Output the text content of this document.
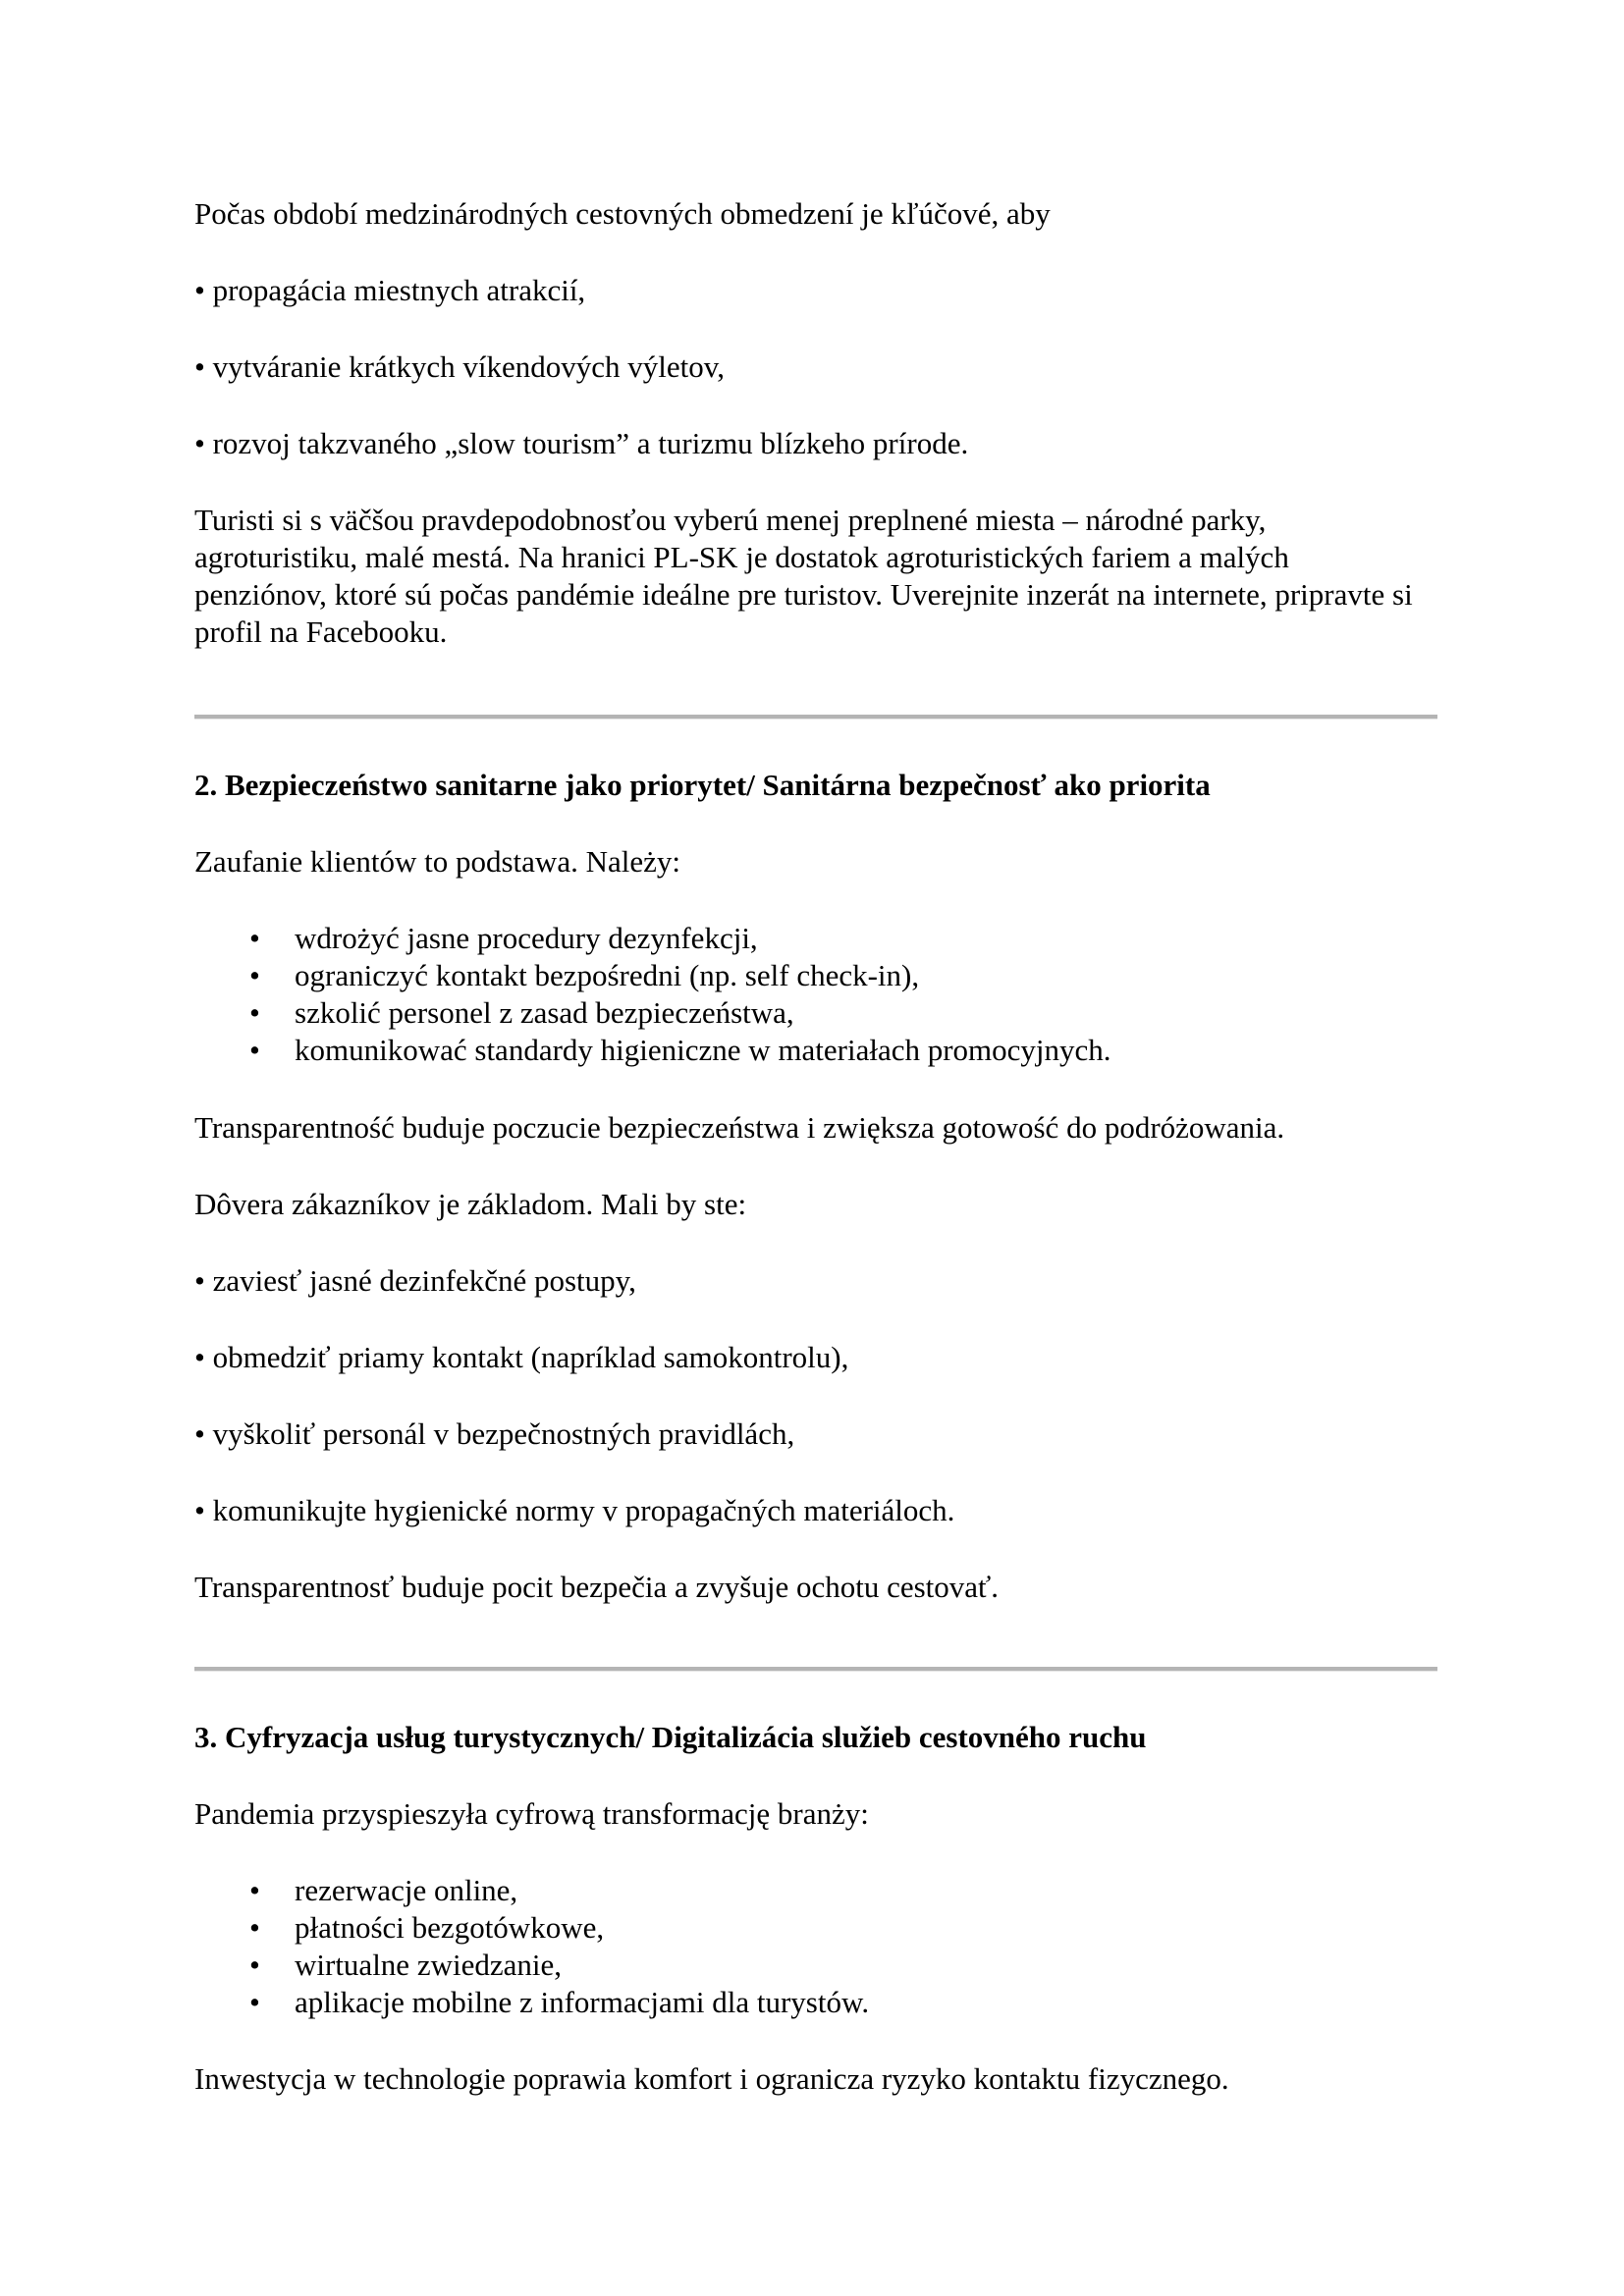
Počas období medzinárodných cestovných obmedzení je kľúčové, aby

• propagácia miestnych atrakcií,

• vytváranie krátkych víkendových výletov,

• rozvoj takzvaného „slow tourism” a turizmu blízkeho prírode.

Turisti si s väčšou pravdepodobnosťou vyberú menej preplnené miesta – národné parky, agroturistiku, malé mestá. Na hranici PL-SK je dostatok agroturistických fariem a malých penziónov, ktoré sú počas pandémie ideálne pre turistov. Uverejnite inzerát na internete, pripravte si profil na Facebooku.

2. Bezpieczeństwo sanitarne jako priorytet/ Sanitárna bezpečnosť ako priorita

Zaufanie klientów to podstawa. Należy:

• wdrożyć jasne procedury dezynfekcji,
• ograniczyć kontakt bezpośredni (np. self check-in),
• szkolić personel z zasad bezpieczeństwa,
• komunikować standardy higieniczne w materiałach promocyjnych.

Transparentność buduje poczucie bezpieczeństwa i zwiększa gotowość do podróżowania.

Dôvera zákazníkov je základom. Mali by ste:

• zaviesť jasné dezinfekčné postupy,

• obmedziť priamy kontakt (napríklad samokontrolu),

• vyškoliť personál v bezpečnostných pravidlách,

• komunikujte hygienické normy v propagačných materiáloch.

Transparentnosť buduje pocit bezpečia a zvyšuje ochotu cestovať.

3. Cyfryzacja usług turystycznych/ Digitalizácia služieb cestovného ruchu

Pandemia przyspieszyła cyfrową transformację branży:

• rezerwacje online,
• płatności bezgotówkowe,
• wirtualne zwiedzanie,
• aplikacje mobilne z informacjami dla turystów.

Inwestycja w technologie poprawia komfort i ogranicza ryzyko kontaktu fizycznego.
